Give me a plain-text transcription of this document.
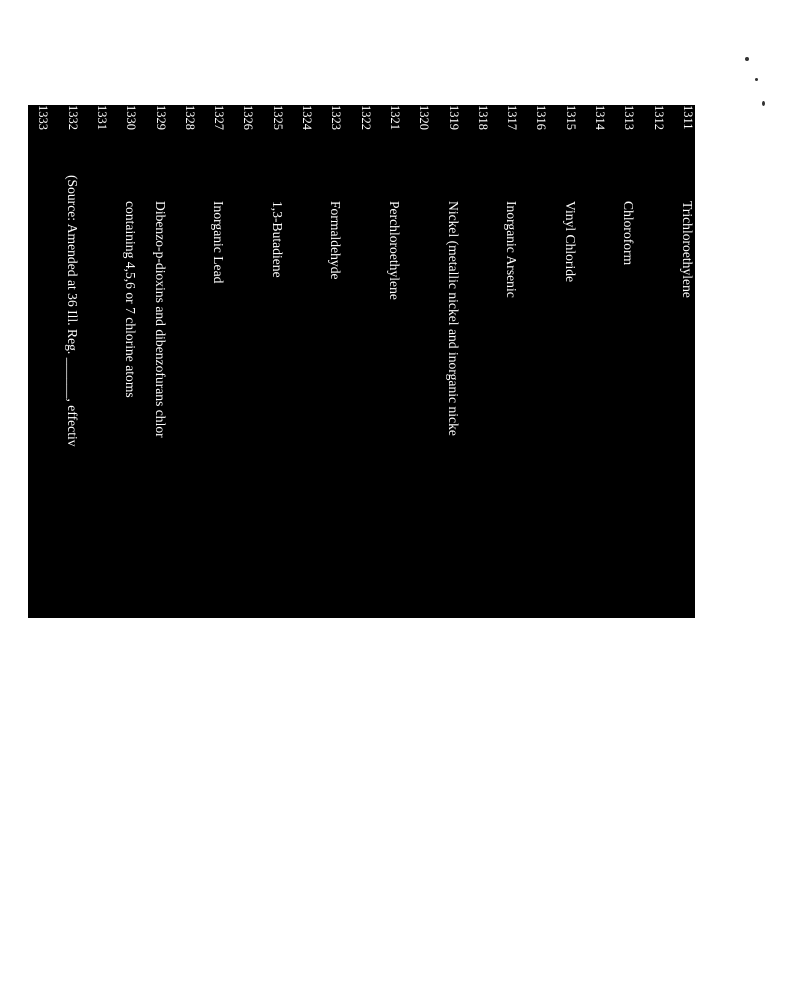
1311
Trichloroethylene
1312
1313
Chloroform
1314
1315
Vinyl Chloride
1316
1317
Inorganic Arsenic
1318
1319
Nickel (metallic nickel and inorganic nicke
1320
1321
Perchloroethylene
1322
1323
Formaldehyde
1324
1325
1,3-Butadiene
1326
1327
Inorganic Lead
1328
1329
Dibenzo-p-dioxins and dibenzofurans chlor
1330
containing 4,5,6 or 7 chlorine atoms
1331
1332
(Source: Amended at 36 Ill. Reg. ______, effectiv
1333
1334
Section 223.207 Products Registered under FIFRA
